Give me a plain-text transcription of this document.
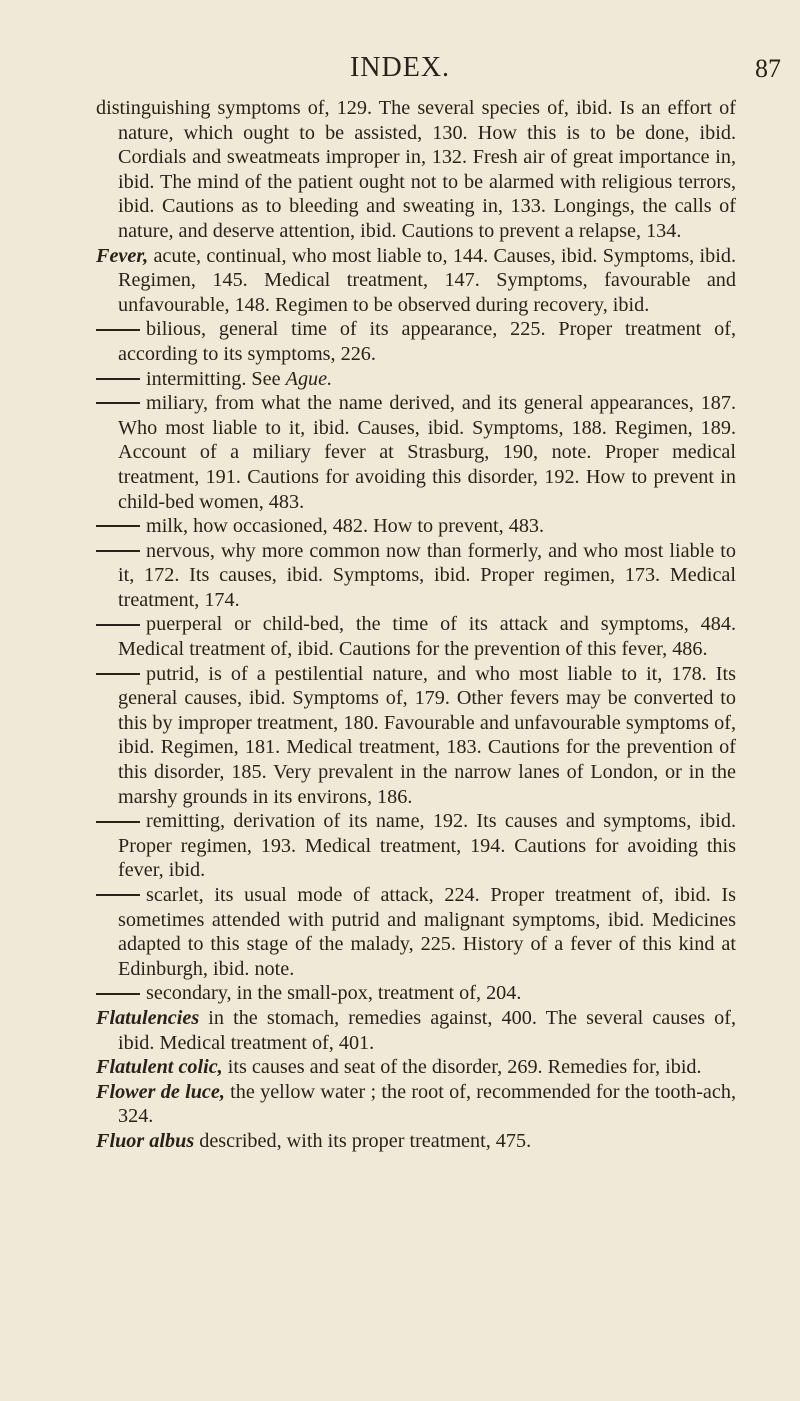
INDEX.	87

distinguishing symptoms of, 129. The several species of, ibid. Is an effort of nature, which ought to be assisted, 130. How this is to be done, ibid. Cordials and sweatmeats improper in, 132. Fresh air of great importance in, ibid. The mind of the patient ought not to be alarmed with religious terrors, ibid. Cautions as to bleeding and sweating in, 133. Longings, the calls of nature, and deserve attention, ibid. Cautions to prevent a relapse, 134.

Fever, acute, continual, who most liable to, 144. Causes, ibid. Symptoms, ibid. Regimen, 145. Medical treatment, 147. Symptoms, favourable and unfavourable, 148. Regimen to be observed during recovery, ibid.

bilious, general time of its appearance, 225. Proper treatment of, according to its symptoms, 226.

intermitting. See Ague.

miliary, from what the name derived, and its general appearances, 187. Who most liable to it, ibid. Causes, ibid. Symptoms, 188. Regimen, 189. Account of a miliary fever at Strasburg, 190, note. Proper medical treatment, 191. Cautions for avoiding this disorder, 192. How to prevent in child-bed women, 483.

milk, how occasioned, 482. How to prevent, 483.

nervous, why more common now than formerly, and who most liable to it, 172. Its causes, ibid. Symptoms, ibid. Proper regimen, 173. Medical treatment, 174.

puerperal or child-bed, the time of its attack and symptoms, 484. Medical treatment of, ibid. Cautions for the prevention of this fever, 486.

putrid, is of a pestilential nature, and who most liable to it, 178. Its general causes, ibid. Symptoms of, 179. Other fevers may be converted to this by improper treatment, 180. Favourable and unfavourable symptoms of, ibid. Regimen, 181. Medical treatment, 183. Cautions for the prevention of this disorder, 185. Very prevalent in the narrow lanes of London, or in the marshy grounds in its environs, 186.

remitting, derivation of its name, 192. Its causes and symptoms, ibid. Proper regimen, 193. Medical treatment, 194. Cautions for avoiding this fever, ibid.

scarlet, its usual mode of attack, 224. Proper treatment of, ibid. Is sometimes attended with putrid and malignant symptoms, ibid. Medicines adapted to this stage of the malady, 225. History of a fever of this kind at Edinburgh, ibid. note.

secondary, in the small-pox, treatment of, 204.

Flatulencies in the stomach, remedies against, 400. The several causes of, ibid. Medical treatment of, 401.

Flatulent colic, its causes and seat of the disorder, 269. Remedies for, ibid.

Flower de luce, the yellow water ; the root of, recommended for the tooth-ach, 324.

Fluor albus described, with its proper treatment, 475.
